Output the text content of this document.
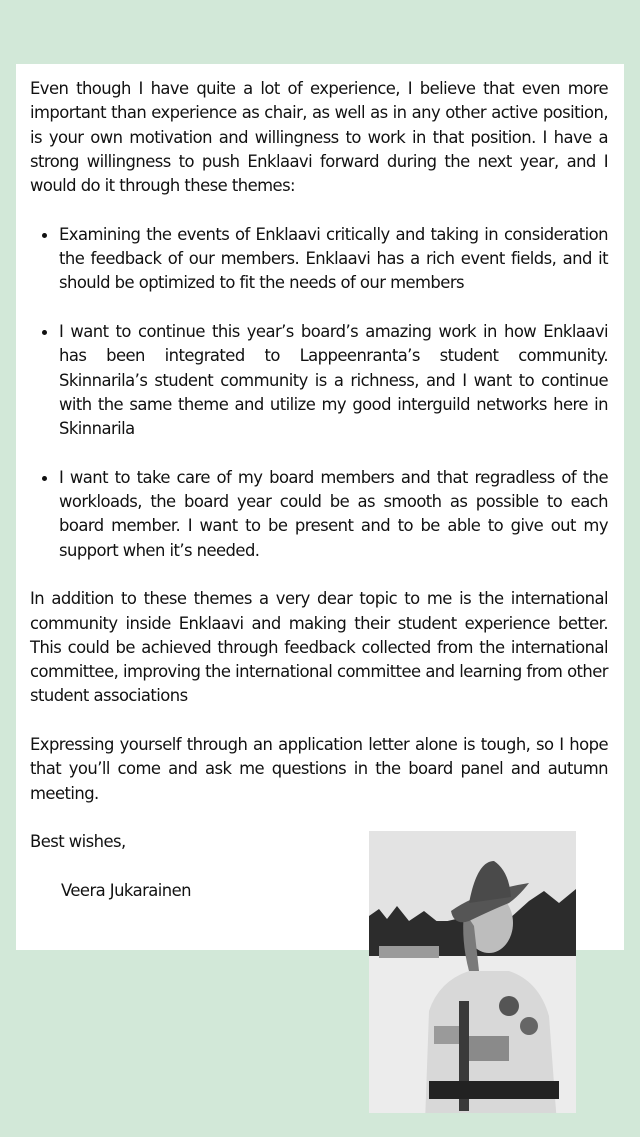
Even though I have quite a lot of experience, I believe that even more important than experience as chair, as well as in any other active position, is your own motivation and willingness to work in that position. I have a strong willingness to push Enklaavi forward during the next year, and I would do it through these themes:

Examining the events of Enklaavi critically and taking in consideration the feedback of our members. Enklaavi has a rich event fields, and it should be optimized to fit the needs of our members
I want to continue this year’s board’s amazing work in how Enklaavi has been integrated to Lappeenranta’s student community. Skinnarila’s student community is a richness, and I want to continue with the same theme and utilize my good interguild networks here in Skinnarila
I want to take care of my board members and that regradless of the workloads, the board year could be as smooth as possible to each board member. I want to be present and to be able to give out my support when it’s needed.

In addition to these themes a very dear topic to me is the international community inside Enklaavi and making their student experience better. This could be achieved through feedback collected from the international committee, improving the international committee and learning from other student associations

Expressing yourself through an application letter alone is tough, so I hope that you’ll come and ask me questions in the board panel and autumn meeting.

Best wishes,
Veera Jukarainen
